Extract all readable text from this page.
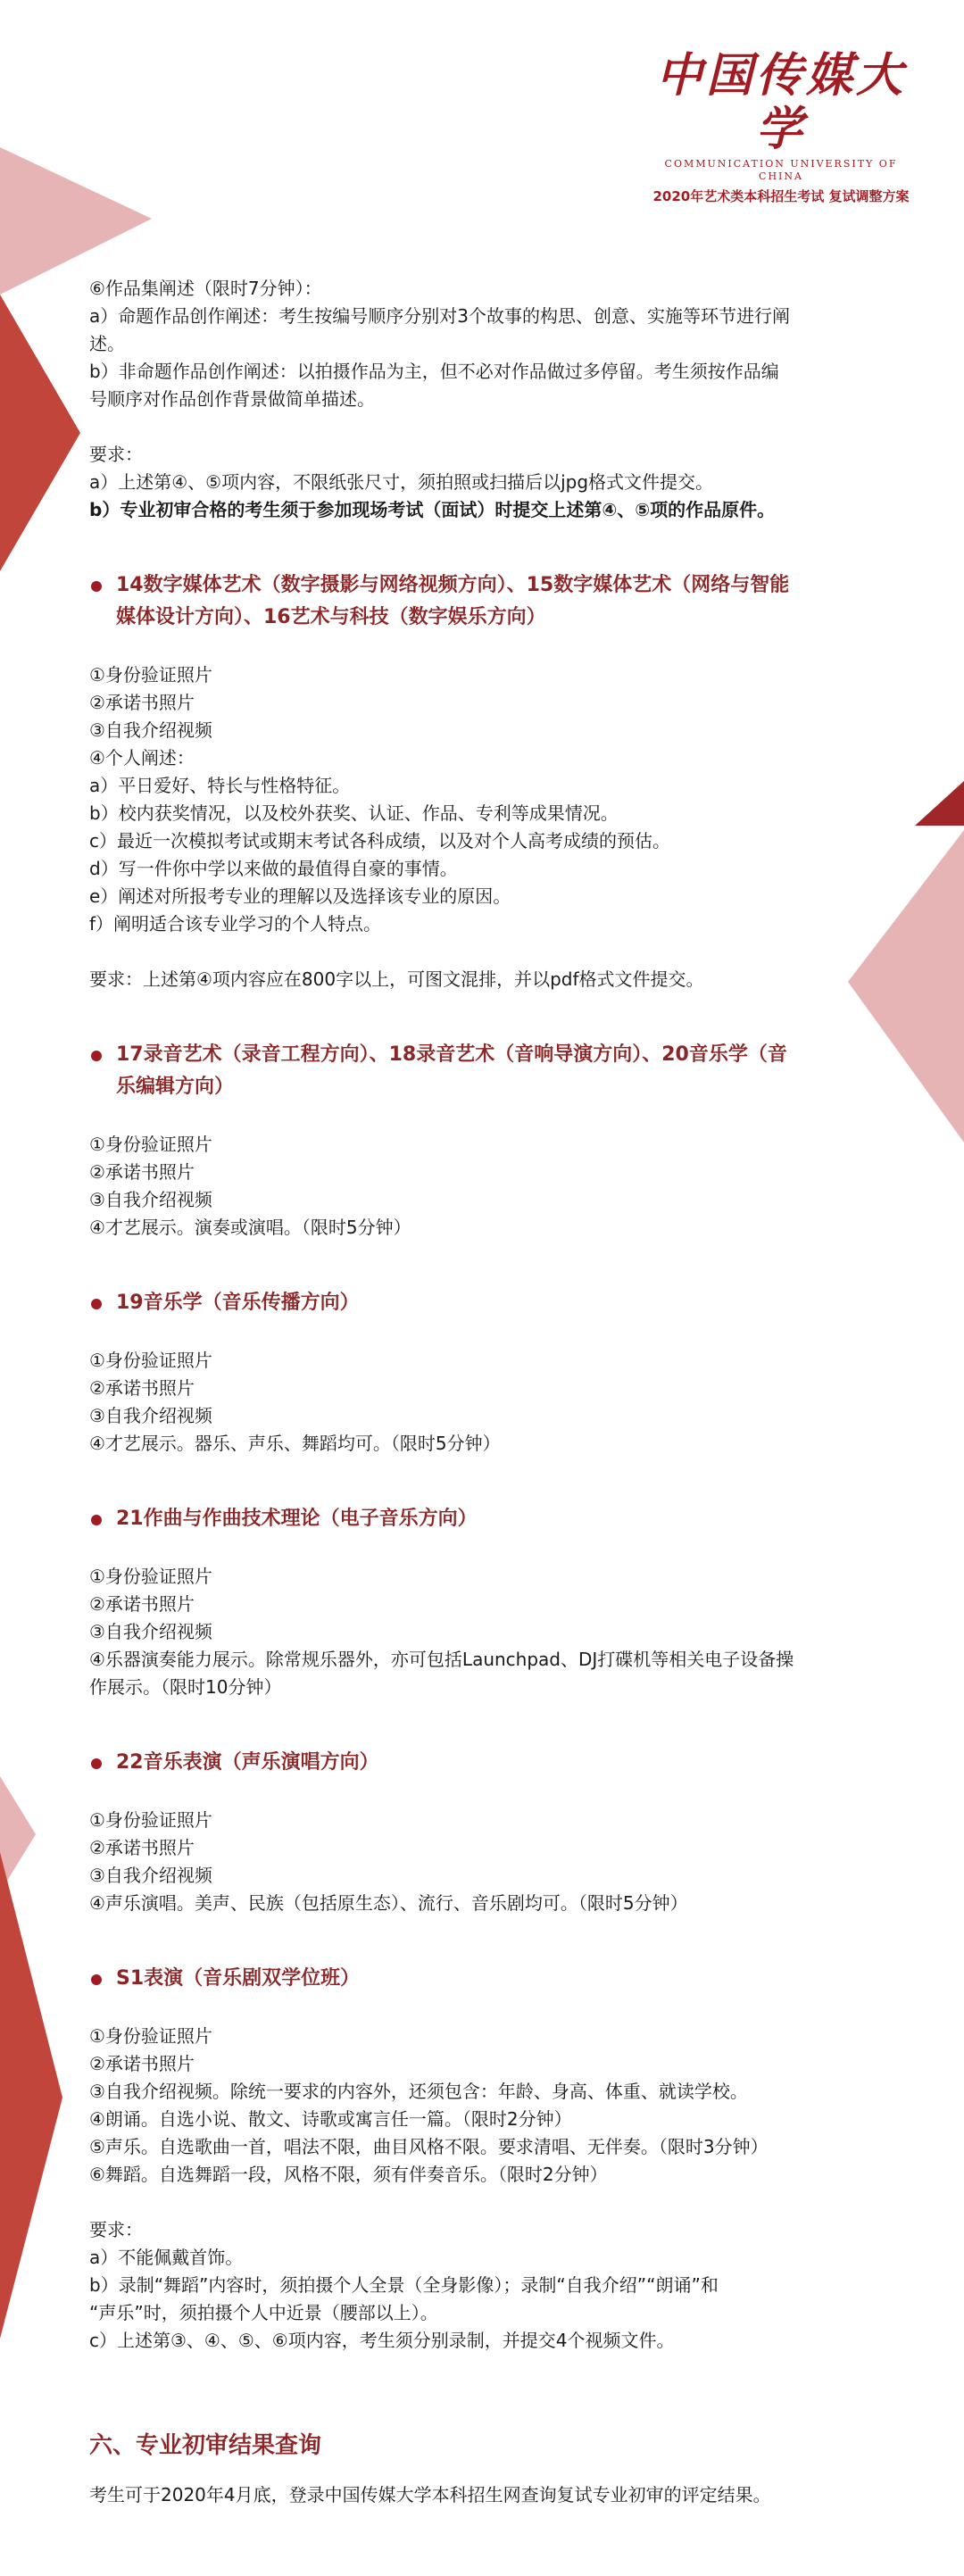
中国传媒大学
COMMUNICATION UNIVERSITY OF CHINA
2020年艺术类本科招生考试 复试调整方案

⑥作品集阐述（限时7分钟）：

a）命题作品创作阐述：考生按编号顺序分别对3个故事的构思、创意、实施等环节进行阐

述。

b）非命题作品创作阐述：以拍摄作品为主，但不必对作品做过多停留。考生须按作品编

号顺序对作品创作背景做简单描述。

要求：

a）上述第④、⑤项内容，不限纸张尺寸，须拍照或扫描后以jpg格式文件提交。

b）专业初审合格的考生须于参加现场考试（面试）时提交上述第④、⑤项的作品原件。

14数字媒体艺术（数字摄影与网络视频方向）、15数字媒体艺术（网络与智能
媒体设计方向）、16艺术与科技（数字娱乐方向）

①身份验证照片

②承诺书照片

③自我介绍视频

④个人阐述：

a）平日爱好、特长与性格特征。

b）校内获奖情况，以及校外获奖、认证、作品、专利等成果情况。

c）最近一次模拟考试或期末考试各科成绩，以及对个人高考成绩的预估。

d）写一件你中学以来做的最值得自豪的事情。

e）阐述对所报考专业的理解以及选择该专业的原因。

f）阐明适合该专业学习的个人特点。

要求：上述第④项内容应在800字以上，可图文混排，并以pdf格式文件提交。

17录音艺术（录音工程方向）、18录音艺术（音响导演方向）、20音乐学（音
乐编辑方向）

①身份验证照片

②承诺书照片

③自我介绍视频

④才艺展示。演奏或演唱。（限时5分钟）

19音乐学（音乐传播方向）

①身份验证照片

②承诺书照片

③自我介绍视频

④才艺展示。器乐、声乐、舞蹈均可。（限时5分钟）

21作曲与作曲技术理论（电子音乐方向）

①身份验证照片

②承诺书照片

③自我介绍视频

④乐器演奏能力展示。除常规乐器外，亦可包括Launchpad、DJ打碟机等相关电子设备操

作展示。（限时10分钟）

22音乐表演（声乐演唱方向）

①身份验证照片

②承诺书照片

③自我介绍视频

④声乐演唱。美声、民族（包括原生态）、流行、音乐剧均可。（限时5分钟）

S1表演（音乐剧双学位班）

①身份验证照片

②承诺书照片

③自我介绍视频。除统一要求的内容外，还须包含：年龄、身高、体重、就读学校。

④朗诵。自选小说、散文、诗歌或寓言任一篇。（限时2分钟）

⑤声乐。自选歌曲一首，唱法不限，曲目风格不限。要求清唱、无伴奏。（限时3分钟）

⑥舞蹈。自选舞蹈一段，风格不限，须有伴奏音乐。（限时2分钟）

要求：

a）不能佩戴首饰。

b）录制“舞蹈”内容时，须拍摄个人全景（全身影像）；录制“自我介绍”“朗诵”和

“声乐”时，须拍摄个人中近景（腰部以上）。

c）上述第③、④、⑤、⑥项内容，考生须分别录制，并提交4个视频文件。

六、专业初审结果查询

考生可于2020年4月底，登录中国传媒大学本科招生网查询复试专业初审的评定结果。
